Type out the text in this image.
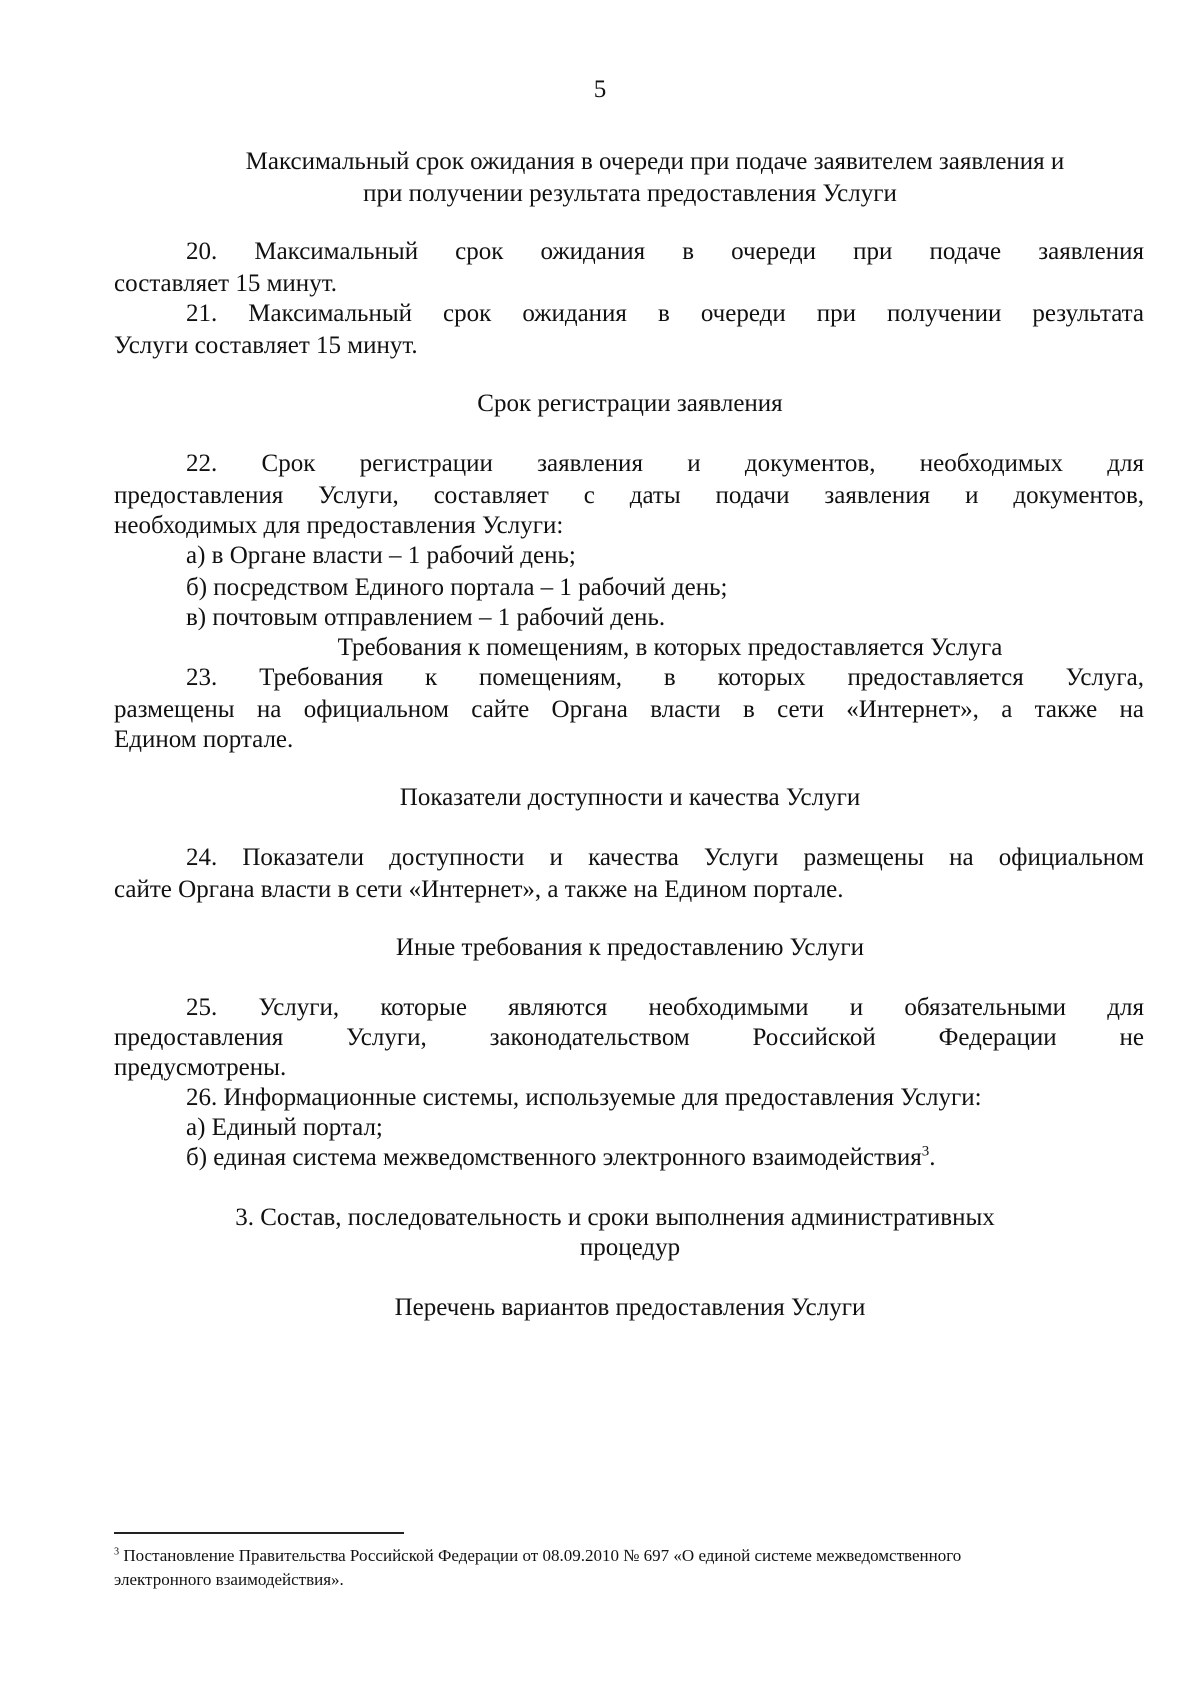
5
Максимальный срок ожидания в очереди при подаче заявителем заявления и
при получении результата предоставления Услуги
20. Максимальный срок ожидания в очереди при подаче заявления
составляет 15 минут.
21. Максимальный срок ожидания в очереди при получении результата
Услуги составляет 15 минут.
Срок регистрации заявления
22. Срок регистрации заявления и документов, необходимых для
предоставления Услуги, составляет с даты подачи заявления и документов,
необходимых для предоставления Услуги:
а) в Органе власти – 1 рабочий день;
б) посредством Единого портала – 1 рабочий день;
в) почтовым отправлением – 1 рабочий день.
Требования к помещениям, в которых предоставляется Услуга
23. Требования к помещениям, в которых предоставляется Услуга,
размещены на официальном сайте Органа власти в сети «Интернет», а также на
Едином портале.
Показатели доступности и качества Услуги
24. Показатели доступности и качества Услуги размещены на официальном
сайте Органа власти в сети «Интернет», а также на Едином портале.
Иные требования к предоставлению Услуги
25. Услуги, которые являются необходимыми и обязательными для
предоставления Услуги, законодательством Российской Федерации не
предусмотрены.
26. Информационные системы, используемые для предоставления Услуги:
а) Единый портал;
б) единая система межведомственного электронного взаимодействия$^3$.
3. Состав, последовательность и сроки выполнения административных
процедур
Перечень вариантов предоставления Услуги
$^3$ Постановление Правительства Российской Федерации от 08.09.2010 № 697 «О единой системе межведомственного
электронного взаимодействия».
